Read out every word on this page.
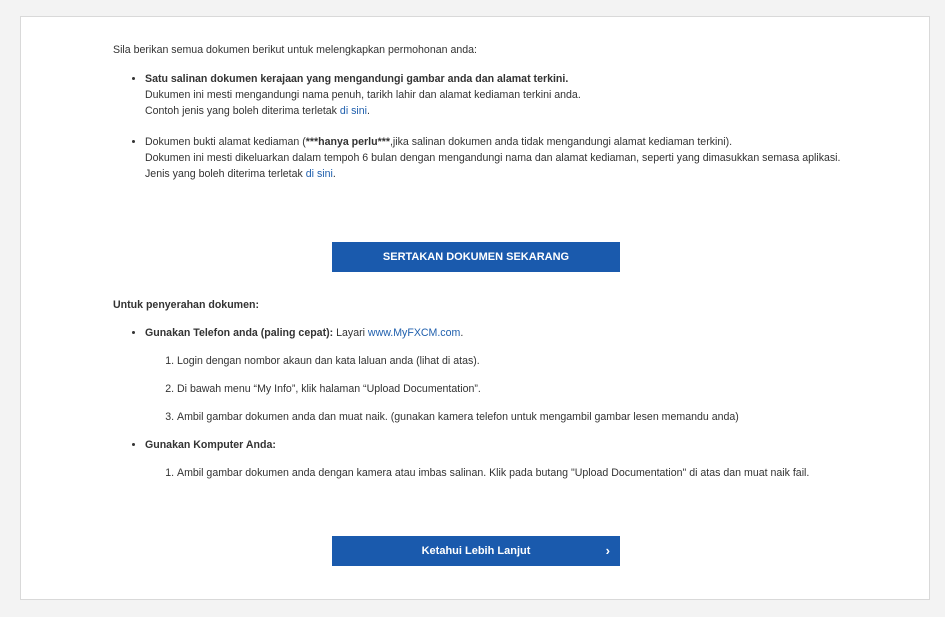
Sila berikan semua dokumen berikut untuk melengkapkan permohonan anda:

• Satu salinan dokumen kerajaan yang mengandungi gambar anda dan alamat terkini.
Dukumen ini mesti mengandungi nama penuh, tarikh lahir dan alamat kediaman terkini anda.
Contoh jenis yang boleh diterima terletak di sini.
• Dokumen bukti alamat kediaman (***hanya perlu***,jika salinan dokumen anda tidak mengandungi alamat kediaman terkini).
Dokumen ini mesti dikeluarkan dalam tempoh 6 bulan dengan mengandungi nama dan alamat kediaman, seperti yang dimasukkan semasa aplikasi.
Jenis yang boleh diterima terletak di sini.
SERTAKAN DOKUMEN SEKARANG

Untuk penyerahan dokumen:

• Gunakan Telefon anda (paling cepat): Layari www.MyFXCM.com.
1. Login dengan nombor akaun dan kata laluan anda (lihat di atas).
2. Di bawah menu “My Info”, klik halaman “Upload Documentation”.
3. Ambil gambar dokumen anda dan muat naik. (gunakan kamera telefon untuk mengambil gambar lesen memandu anda)
• Gunakan Komputer Anda:
1. Ambil gambar dokumen anda dengan kamera atau imbas salinan. Klik pada butang "Upload Documentation" di atas dan muat naik fail.
Ketahui Lebih Lanjut	›
